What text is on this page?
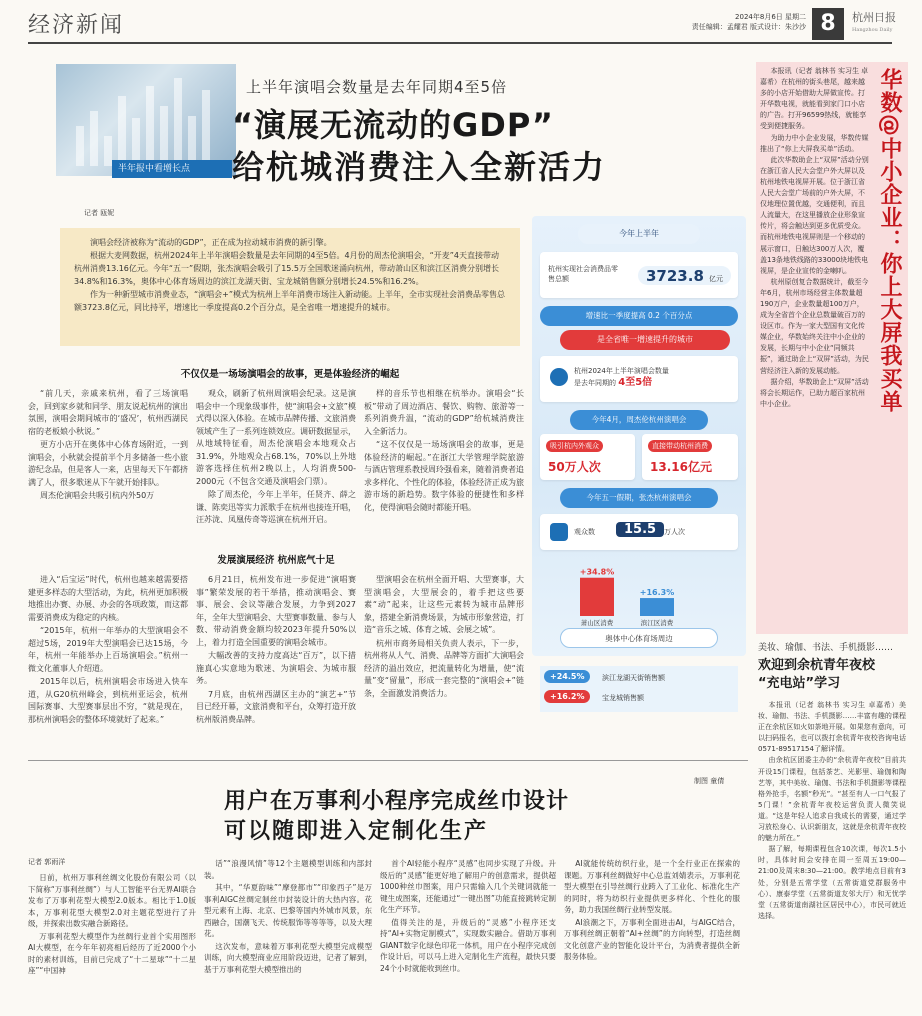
经济新闻	2024年8月6日 星期二
责任编辑：孟耀君 版式设计：朱沙沙 8	杭州日报
Hangzhou Daily
华数@中小企业：你上大屏我买单

本报讯（记者 翁林书 实习生 卓嘉希）在杭州的街头巷尾，越来越多的小店开始借助大屏做宣传。打开华数电视，就能看到家门口小店的广告。打开96599热线，就能享受到便捷服务。

为助力中小企业发展，华数传媒推出了“你上大屏我买单”活动。

此次华数助企上“双屏”活动分别在浙江省人民大会堂户外大屏以及杭州地铁电视屏开展。位于浙江省人民大会堂广场前的户外大屏，不仅地理位置优越，交通便利，而且人流量大，在这里播放企业形象宣传片，将会触达到更多优质受众。而杭州地铁电视屏则是一个移动的展示窗口，日触达300万人次，覆盖13条地铁线路的33000块地铁电视屏，是企业宣传的金喇叭。

杭州原创复合数据统计，截至今年6月，杭州市场经营主体数量超190万户，企业数量超100万户，成为全省首个企业总数量破百万的设区市。作为一家大型国有文化传媒企业，华数始终关注中小企业的发展，长期与中小企业“同频共振”，通过助企上“双屏”活动，为民营经济注入新的发展动能。

据介绍，华数助企上“双屏”活动将会长期运作，已助力超百家杭州中小企业。

半年报中看增长点
上半年演唱会数量是去年同期4至5倍
“演展无流动的GDP”
给杭城消费注入全新活力
记者 瓯妮

演唱会经济被称为“流动的GDP”，正在成为拉动城市消费的新引擎。

根据大麦网数据，杭州2024年上半年演唱会数量是去年同期的4至5倍。4月份的周杰伦演唱会，“开麦”4天直接带动杭州消费13.16亿元。今年“五一”假期，张杰演唱会吸引了15.5万全国歌迷涌向杭州，带动萧山区和滨江区消费分别增长34.8%和16.3%，奥体中心体育场周边的滨江龙湖天街、宝龙城销售额分别增长24.5%和16.2%。

作为一种新型城市消费业态，“演唱会+”模式为杭州上半年消费市场注入新动能。上半年，全市实现社会消费品零售总额3723.8亿元，同比持平，增速比一季度提高0.2个百分点，是全省唯一增速提升的城市。

不仅仅是一场场演唱会的故事，更是体验经济的崛起

“前几天，亲戚来杭州，看了三场演唱会，回到家乡就和同学、朋友说起杭州的演出氛围，演唱会期间城市的‘盛况’，杭州西湖民宿的老板娘小秋说。”

更方小店开在奥体中心体育场附近，一到演唱会，小秋就会提前半个月多储备一些小旅游纪念品，但是客人一来，店里每天下午都挤满了人，很多歌迷从下午就开始排队。

周杰伦演唱会共吸引杭内外50万

观众，刷新了杭州周演唱会纪录。这是演唱会中一个现象级事件，使“演唱会+文旅”模式得以深入体验。在城市品牌传播、文旅消费领域产生了一系列连锁效应。调研数据显示，从地域特征看，周杰伦演唱会本地观众占31.9%，外地观众占68.1%，70%以上外地游客选择住杭州2晚以上，人均消费500-2000元（不包含交通及演唱会门票）。

除了周杰伦，今年上半年，任贤齐、薛之谦、陈奕迅等实力派歌手在杭州也接连开唱，汪苏泷、凤凰传奇等巡演在杭州开启。

样的音乐节也相继在杭举办。演唱会“长板”带动了周边酒店、餐饮、购物、旅游等一系列消费升温，“流动的GDP”给杭城消费注入全新活力。

“这不仅仅是一场场演唱会的故事，更是体验经济的崛起。”在浙江大学管理学院旅游与酒店管理系教授周玲强看来，随着消费者追求多样化、个性化的体验，体验经济正成为旅游市场的新趋势。数字体验的便捷性和多样化，使得演唱会随时都能开唱。

发展演展经济 杭州底气十足

进入“后宝运”时代，杭州也越来越需要搭建更多样态的大型活动，为此，杭州更加积极地推出办赛、办展、办会的各项政策，而这都需要消费成为稳定的内核。

“2015年，杭州一年举办的大型演唱会不超过5场，2019年大型演唱会已达15场，今年，杭州一年能举办上百场演唱会。”杭州一微文化董事人介绍道。

2015年以后，杭州演唱会市场进入快车道，从G20杭州峰会，到杭州亚运会，杭州国际赛事、大型赛事层出不穷，“就是现在，那杭州演唱会的整体环境就好了起来。”

6月21日，杭州发布进一步促进“演唱赛事”繁荣发展的若干举措，推动演唱会、赛事、展会、会议等融合发展，力争到2027年，全年大型演唱会、大型赛事数量、参与人数、带动消费金额均较2023年提升50%以上，着力打造全国重要的演唱会城市。

大幅改善的支持力度高达“百万”，以下措施真心实意地为歌迷、为演唱会、为城市服务。

7月底，由杭州西湖区主办的“演艺+”节目已经开幕，文旅消费和平台，众筹打造开放杭州版消费品牌。

型演唱会在杭州全面开唱、大型赛事，大型演唱会，大型展会的，着手把这些要素“动”起来，让这些元素转为城市品牌形象，搭建全新消费场景，为城市形象营造，打造“音乐之城、体育之城、会展之城”。

杭州市商务局相关负责人表示，下一步，杭州将从人气、消费、品牌等方面扩大演唱会经济的溢出效应，把流量转化为增量，使“流量”变“留量”，形成一套完整的“演唱会+”链条，全面激发消费活力。

今年上半年
杭州实现社会消费品零售总额	3723.8 亿元
增速比一季度提高 0.2 个百分点
是全省唯一增速提升的城市
杭州2024年上半年演唱会数量
是去年同期的 4至5倍
今年4月，周杰伦杭州演唱会
吸引杭内外观众
50万人次
直接带动杭州消费
13.16亿元
今年五一假期，张杰杭州演唱会
观众数	15.5	万人次
+34.8%
萧山区消费
+16.3%
滨江区消费
奥体中心体育场周边
+24.5%	滨江龙湖天街销售额
+16.2%	宝龙城销售额
制图 童倩
用户在万事利小程序完成丝巾设计
可以随即进入定制化生产
记者 郭雨洋

日前，杭州万事利丝绸文化股份有限公司（以下简称“万事利丝绸”）与人工智能平台无界AI联合发布了万事利花型大模型2.0版本。相比于1.0版本，万事利花型大模型2.0对主题花型进行了升级，并探索出数实融合新路径。

万事利花型大模型作为丝绸行业首个实用图形AI大模型，在今年年初亮相后经历了近2000个小时的素材训练，目前已完成了“十二星球”“十二星座”“中国神

话”“浪漫风情”等12个主题模型训练和内部封装。

其中，“华夏韵味”“摩登都市”“印象西子”是万事利AIGC丝绸定制丝巾封装设计的大热内容。花型元素有上海、北京、巴黎等国内外城市风景，东西融合，国潮飞天、传统服饰等等等等，以及大理花。

这次发布，意味着万事利花型大模型完成模型训练，向大模型商业应用阶段迈进，记者了解到，基于万事利花型大模型推出的

首个AI轻能小程序“灵感”也同步实现了升级。升级后的“灵感”能更好地了解用户的创意需求，提供超1000种丝巾图案，用户只需输入几个关键词就能一键生成图案，还能通过“一键出图”功能直接跳转定制化生产环节。

值得关注的是，升级后的“灵感”小程序还支持“AI+实物定制模式”，实现数实融合。借助万事利GIANT数字化绿色印花一体机，用户在小程序完成创作设计后，可以马上进入定制化生产流程，最快只要24个小时就能收到丝巾。

AI就能传统纺织行业，是一个全行业正在探索的课题。万事利丝绸做好中心总监刘婧表示，万事利花型大模型在引导丝绸行业跨入了工业化、标准化生产的同时，将为纺织行业提供更多样化、个性化的服务，助力我国丝绸行业转型发展。

AI浪潮之下，万事利全面进击AI，与AIGC结合，万事利丝绸正朝着“AI+丝绸”的方向转型，打造丝绸文化创意产业的智能化设计平台，为消费者提供全新服务体验。

美妆、瑜伽、书法、手机摄影……
欢迎到余杭青年夜校
“充电站”学习

本报讯（记者 翁林书 实习生 卓嘉希）美妆、瑜伽、书法、手机摄影……丰富有趣的课程正在余杭区如火如荼地开展。如果您有意向，可以扫码报名，也可以拨打余杭青年夜校咨询电话0571-89517154了解详情。

由余杭区团委主办的“余杭青年夜校”目前共开设15门课程，包括茶艺、光影里、瑜伽和陶艺等，其中美妆、瑜伽、书法和手机摄影等课程格外抢手，名额“秒光”。“甚至有人一口气报了5门课！”余杭青年夜校运营负责人微笑说道。“这是年轻人追求自我成长的需要，通过学习放松身心、认识新朋友，这就是余杭青年夜校的魅力所在。”

据了解，每期课程包含10次课，每次1.5小时，具体时间会安排在周一至周五19:00—21:00及周末8:30—21:00。教学地点目前有3处，分别是五常学堂（五常街道党群服务中心）、康泰学堂（五常街道友邻大厅）和无忧学堂（五常街道南湖社区居民中心），市民可就近选择。
